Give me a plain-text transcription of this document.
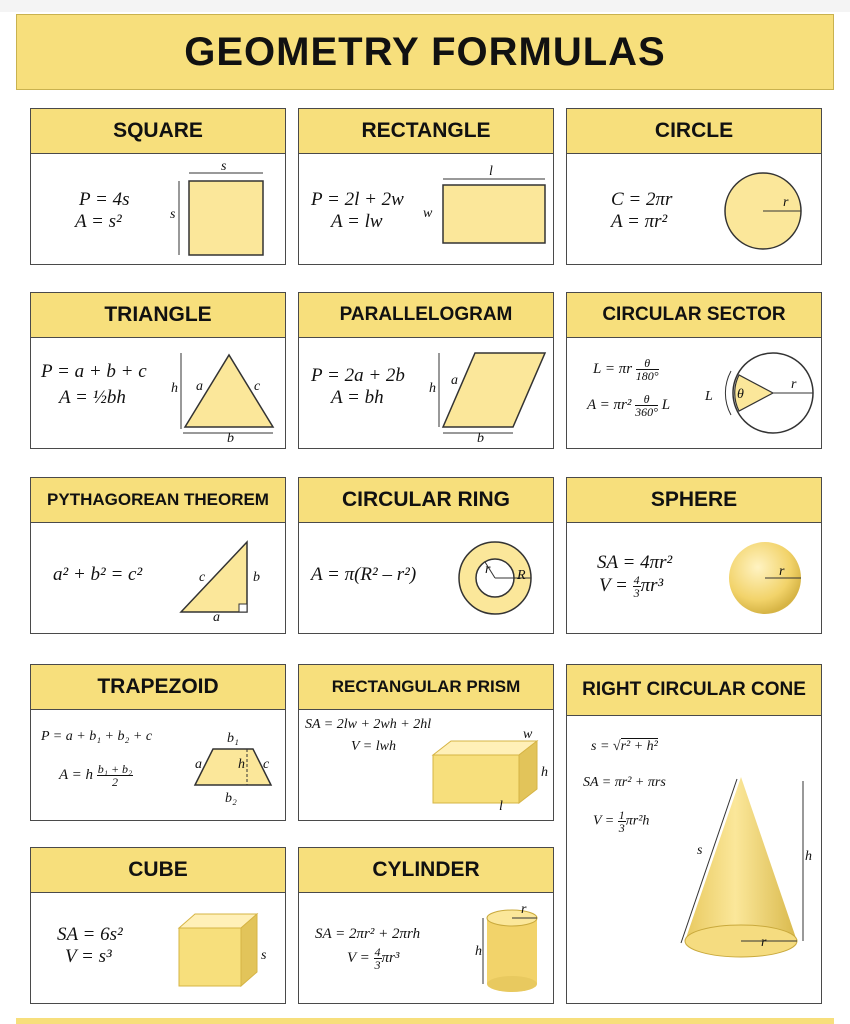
GEOMETRY FORMULAS
SQUARE
P = 4s
A = s²
s
s
RECTANGLE
P = 2l + 2w
A = lw
l
w
CIRCLE
C = 2πr
A = πr²
r
TRIANGLE
P = a + b + c
A = ½bh	h a	c
b
PARALLELOGRAM
P = 2a + 2b
A = bh	h
a
b
CIRCULAR SECTOR
L = πr $\frac{\theta}{180^\circ}$
$A = \pi r^2 \frac{\theta}{360^\circ}$ L
L θ
r
PYTHAGOREAN THEOREM
a² + b² = c²	c	b
a
CIRCULAR RING
A = π(R² – r²)	r R
SPHERE
SA = 4πr²
$V = \frac{4}{3} \pi r^3$
r
TRAPEZOID
P = a + b₁ + b₂ + c
A = h $\frac{\text{b₁ + b₂}}{2}$
b₁
a	h c
b₂
RECTANGULAR PRISM
SA = 2lw + 2wh + 2hl
V = lwh
w
h
l
RIGHT CIRCULAR CONE
s = √r² + h²
SA = πr² + πrs
$V = \frac{1}{3} \pi r^2h$
s	h
r
CUBE
SA = 6s²
V = s³	s
CYLINDER
SA = 2πr² + 2πrh
$V = \frac{4}{3} \pi r^3$
r
h
